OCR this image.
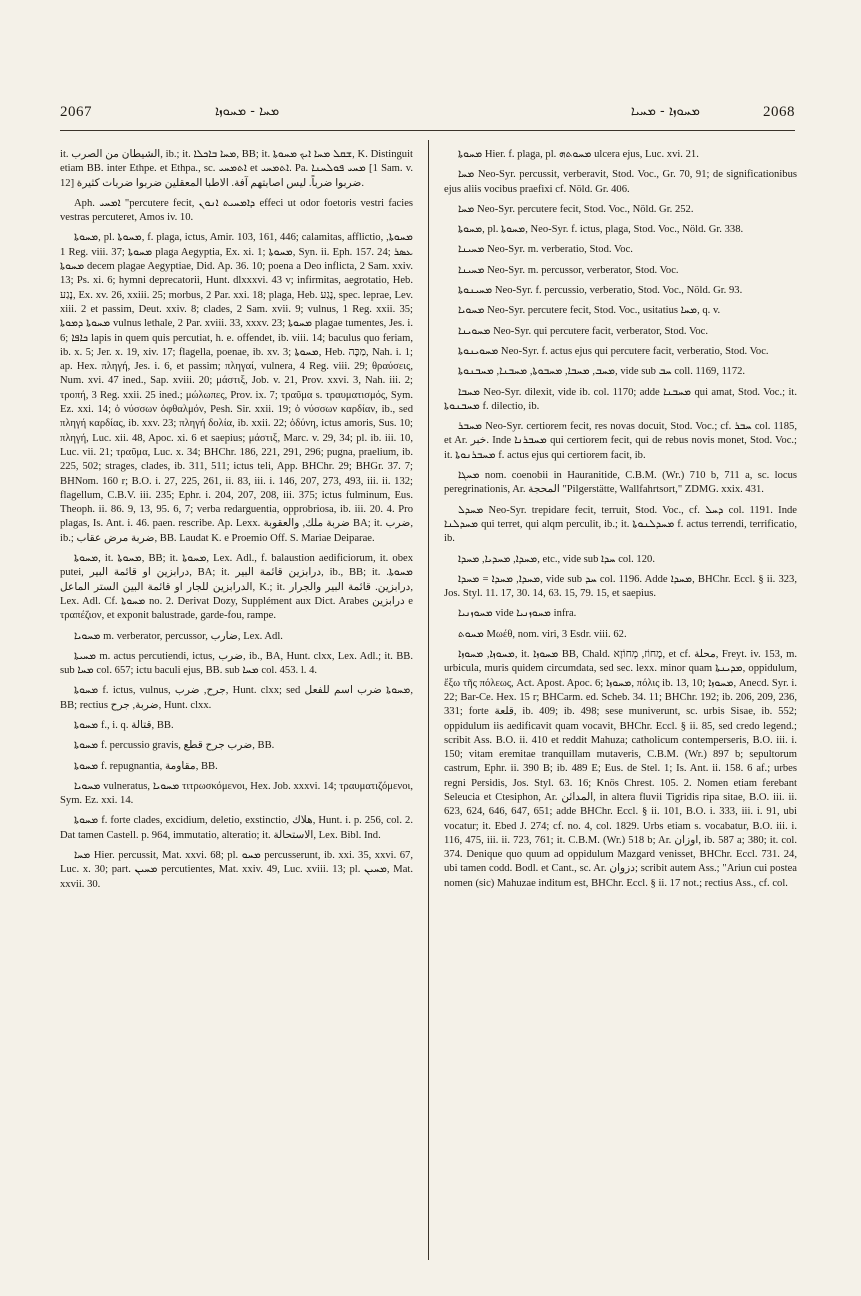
2067	ܡܚܐ - ܡܚܘܙܐ	ܡܚܘܙܐ - ܡܚܝܐ	2068

it. الشيطان من الصرب, ib.; it. ܡܚܐ ܒܐܟܠܐ, BB; it. ܫܩܠ ܡܚܐ ܐܝܟ ܡܚܘܬܐ, K. Distinguit etiam BB. inter Ethpe. et Ethpa., sc. ܐܬܡܚܝ et ܐܬܡܚܝ. Pa. ܡܚܝ ܦܘܠܚܢܐ [1 Sam. v. 12] ضربوا ضرباً. ليس اصابتهم آفة. الاطبا المعقلين ضربوا ضربات كثيرة.

Aph. ܐܡܚܝ "percutere fecit, ܕܐܡܚܝܬ ܐܢܘܢ effeci ut odor foetoris vestri facies vestras percuteret, Amos iv. 10.

ܡܚܘܬܐ, pl. ܡܚܘܬܐ, f. plaga, ictus, Amir. 103, 161, 446; calamitas, afflictio, ܡܚܘܬܐ, 1 Reg. viii. 37; ܡܚܘܬܐ plaga Aegyptia, Ex. xi. 1; ܡܚܘܬܐ, Syn. ii. Eph. 157. 24; ܥܣܪ ܡܚܘܬܐ decem plagae Aegyptiae, Did. Ap. 36. 10; poena a Deo inflicta, 2 Sam. xxiv. 13; Ps. xi. 6; hymni deprecatorii, Hunt. dlxxxvi. 43 v; infirmitas, aegrotatio, Heb. נֶגַע, Ex. xv. 26, xxiii. 25; morbus, 2 Par. xxi. 18; plaga, Heb. נֶגַע, spec. leprae, Lev. xiii. 2 et passim, Deut. xxiv. 8; clades, 2 Sam. xvii. 9; vulnus, 1 Reg. xxii. 35; ܡܚܘܬܐ ܕܡܘܬܐ vulnus lethale, 2 Par. xviii. 33, xxxv. 23; ܡܚܘܬܐ plagae tumentes, Jes. i. 6; ܟܐܦܐ lapis in quem quis percutiat, h. e. offendet, ib. viii. 14; baculus quo feriam, ib. x. 5; Jer. x. 19, xiv. 17; flagella, poenae, ib. xv. 3; ܡܚܘܬܐ, Heb. מַכָּה, Nah. i. 1; ap. Hex. πληγή, Jes. i. 6, et passim; πληγαί, vulnera, 4 Reg. viii. 29; θραύσεις, Num. xvi. 47 ined., Sap. xviii. 20; μάστιξ, Job. v. 21, Prov. xxvi. 3, Nah. iii. 2; τροπή, 3 Reg. xxii. 25 ined.; μώλωπες, Prov. ix. 7; τραῦμα s. τραυματισμός, Sym. Ez. xxi. 14; ὁ νύσσων ὀφθαλμόν, Pesh. Sir. xxii. 19; ὁ νύσσων καρδίαν, ib., sed πληγή καρδίας, ib. xxv. 23; πληγή δολία, ib. xxii. 22; ὀδύνη, ictus amoris, Sus. 10; πληγή, Luc. xii. 48, Apoc. xi. 6 et saepius; μάστιξ, Marc. v. 29, 34; pl. ib. iii. 10, Luc. vii. 21; τραῦμα, Luc. x. 34; BHChr. 186, 221, 291, 296; pugna, praelium, ib. 225, 502; strages, clades, ib. 311, 511; ictus teli, App. BHChr. 29; BHGr. 37. 7; BHNom. 160 r; B.O. i. 27, 225, 261, ii. 83, iii. i. 146, 207, 273, 493, iii. ii. 132; flagellum, C.B.V. iii. 235; Ephr. i. 204, 207, 208, iii. 375; ictus fulminum, Eus. Theoph. ii. 86. 9, 13, 95. 6, 7; verba redarguentia, opprobriosa, ib. iii. 20. 4. Pro plagas, Is. Ant. i. 46. paen. rescribe. Ap. Lexx. ضربة ملك, والعقوبة BA; it. ضرب, ib.; ضربة مرض عقاب, BB. Laudat K. e Proemio Off. S. Mariae Deiparae.

ܡܚܘܬܐ, it. ܡܚܘܬܐ, BB; it. ܡܚܘܬܐ, Lex. Adl., f. balaustion aedificiorum, it. obex putei, درابزين او قائمة البير, BA; it. درابزين قائمة البير, ib., BB; it. ܡܚܘܬܐ. الدرابزين للجار او قائمة البين الستر الماعل, K.; it. درابزين. قائمة البير والجرار, Lex. Adl. Cf. ܡܚܘܬܐ no. 2. Derivat Dozy, Supplément aux Dict. Arabes درابزين e τραπέζιον, et exponit balustrade, garde-fou, rampe.

ܡܚܘܝܐ m. verberator, percussor, ضارب, Lex. Adl.

ܡܚܝܬܐ m. actus percutiendi, ictus, ضرب, ib., BA, Hunt. clxx, Lex. Adl.; it. BB. sub ܡܚܐ col. 657; ictu baculi ejus, BB. sub ܡܚܐ col. 453. l. 4.

ܡܚܘܬܐ f. ictus, vulnus, جرح, ضرب, Hunt. clxx; sed ܡܚܘܬܐ ضرب اسم للفعل, BB; rectius ضربة, جرح, Hunt. clxx.

ܡܚܘܬܐ f., i. q. قتالة, BB.

ܡܚܘܬܐ f. percussio gravis, ضرب جرح قطع, BB.

ܡܚܘܬܐ f. repugnantia, مقاومة, BB.

ܡܚܘܝܐ vulneratus, ܡܚܘܝܐ τιτρωσκόμενοι, Hex. Job. xxxvi. 14; τραυματιζόμενοι, Sym. Ez. xxi. 14.

ܡܚܘܬܐ f. forte clades, excidium, deletio, exstinctio, هلاك, Hunt. i. p. 256, col. 2. Dat tamen Castell. p. 964, immutatio, alteratio; it. الاستحالة, Lex. Bibl. Ind.

ܡܚܐ Hier. percussit, Mat. xxvi. 68; pl. ܡܚܘ percusserunt, ib. xxi. 35, xxvi. 67, Luc. x. 30; part. ܡܚܝܢ percutientes, Mat. xxiv. 49, Luc. xviii. 13; pl. ܡܚܝܢ, Mat. xxvii. 30.

ܡܚܘܬܐ Hier. f. plaga, pl. ܡܚܘܬܗ ulcera ejus, Luc. xvi. 21.

ܡܚܐ Neo-Syr. percussit, verberavit, Stod. Voc., Gr. 70, 91; de significationibus ejus aliis vocibus praefixi cf. Nöld. Gr. 406.

ܡܚܐ Neo-Syr. percutere fecit, Stod. Voc., Nöld. Gr. 252.

ܡܚܘܬܐ, pl. ܡܚܘܬܐ, Neo-Syr. f. ictus, plaga, Stod. Voc., Nöld. Gr. 338.

ܡܚܝܢܐ Neo-Syr. m. verberatio, Stod. Voc.

ܡܚܝܢܐ Neo-Syr. m. percussor, verberator, Stod. Voc.

ܡܚܝܢܘܬܐ Neo-Syr. f. percussio, verberatio, Stod. Voc., Nöld. Gr. 93.

ܡܚܘܝܐ Neo-Syr. percutere fecit, Stod. Voc., usitatius ܡܚܐ, q. v.

ܡܚܘܝܢܐ Neo-Syr. qui percutere facit, verberator, Stod. Voc.

ܡܚܘܝܢܘܬܐ Neo-Syr. f. actus ejus qui percutere facit, verberatio, Stod. Voc.

ܡܚܒ, ܡܚܒܐ, ܡܚܒܘܬܐ, ܡܚܒܢܐ, ܡܚܒܢܘܬܐ, vide sub ܚܒ coll. 1169, 1172.

ܡܚܒܐ Neo-Syr. dilexit, vide ib. col. 1170; adde ܡܚܒܢܐ qui amat, Stod. Voc.; it. ܡܚܒܢܘܬܐ f. dilectio, ib.

ܡܚܒܪ Neo-Syr. certiorem fecit, res novas docuit, Stod. Voc.; cf. ܚܒܪ col. 1185, et Ar. خبر. Inde ܡܚܒܪܢܐ qui certiorem fecit, qui de rebus novis monet, Stod. Voc.; it. ܡܚܒܪܢܘܬܐ f. actus ejus qui certiorem facit, ib.

ܡܚܓܐ nom. coenobii in Hauranitide, C.B.M. (Wr.) 710 b, 711 a, sc. locus peregrinationis, Ar. المحجة "Pilgerstätte, Wallfahrtsort," ZDMG. xxix. 431.

ܡܚܕܠ Neo-Syr. trepidare fecit, terruit, Stod. Voc., cf. ܕܚܠ col. 1191. Inde ܡܚܕܠܢܐ qui terret, qui alqm perculit, ib.; it. ܡܚܕܠܢܘܬܐ f. actus terrendi, terrificatio, ib.

ܡܚܕܐ, ܡܚܕܝܐ, ܡܚܕܐ, etc., vide sub ܚܕܐ col. 120.

ܡܚܕܐ, ܡܚܕܐ = ܡܚܕܐ, vide sub ܚܕ col. 1196. Adde ܡܚܕܐ, BHChr. Eccl. § ii. 323, Jos. Styl. 11. 17, 30. 14, 63. 15, 79. 15, et saepius.

ܡܚܘܙܢܝܐ vide ܡܚܘܙܢܝܐ infra.

ܡܚܘܬ Μωέθ, nom. viri, 3 Esdr. viii. 62.

ܡܚܘܙܐ, ܡܚܘܙܐ, it. ܡܚܘܙܐ BB, Chald. מָחוֹז, מְחוֹזָא, et cf. محلة, Freyt. iv. 153, m. urbicula, muris quidem circumdata, sed sec. lexx. minor quam ܡܕܝܢܬܐ, oppidulum, ἔξω τῆς πόλεως, Act. Apost. Apoc. 6; ܡܚܘܙܐ, πόλις ib. 13, 10; ܡܚܘܙܐ, Anecd. Syr. i. 22; Bar-Ce. Hex. 15 r; BHCarm. ed. Scheb. 34. 11; BHChr. 192; ib. 206, 209, 236, 331; forte قلعة, ib. 409; ib. 498; sese muniverunt, sc. urbis Sisae, ib. 552; oppidulum iis aedificavit quam vocavit, BHChr. Eccl. § ii. 85, sed credo legend.; scribit Ass. B.O. ii. 410 et reddit Mahuza; catholicum contemperseris, B.O. iii. i. 150; vitam eremitae tranquillam mutaveris, C.B.M. (Wr.) 897 b; sepultorum castrum, Ephr. ii. 390 B; ib. 489 E; Eus. de Stel. 1; Is. Ant. ii. 158. 6 af.; urbes regni Persidis, Jos. Styl. 63. 16; Knös Chrest. 105. 2. Nomen etiam ferebant Seleucia et Ctesiphon, Ar. المدائن, in altera fluvii Tigridis ripa sitae, B.O. iii. ii. 623, 624, 646, 647, 651; adde BHChr. Eccl. § ii. 101, B.O. i. 333, iii. i. 91, ubi vocatur; it. Ebed J. 274; cf. no. 4, col. 1829. Urbs etiam s. vocabatur, B.O. iii. i. 116, 475, iii. ii. 723, 761; it. C.B.M. (Wr.) 518 b; Ar. اوزان, ib. 587 a; 380; it. col. 374. Denique quo quum ad oppidulum Mazgard venisset, BHChr. Eccl. 731. 24, ubi tamen codd. Bodl. et Cant., sc. Ar. دزوان; scribit autem Ass.; "Ariun cui postea nomen (sic) Mahuzae inditum est, BHChr. Eccl. § ii. 17 not.; rectius Ass., cf. col.
